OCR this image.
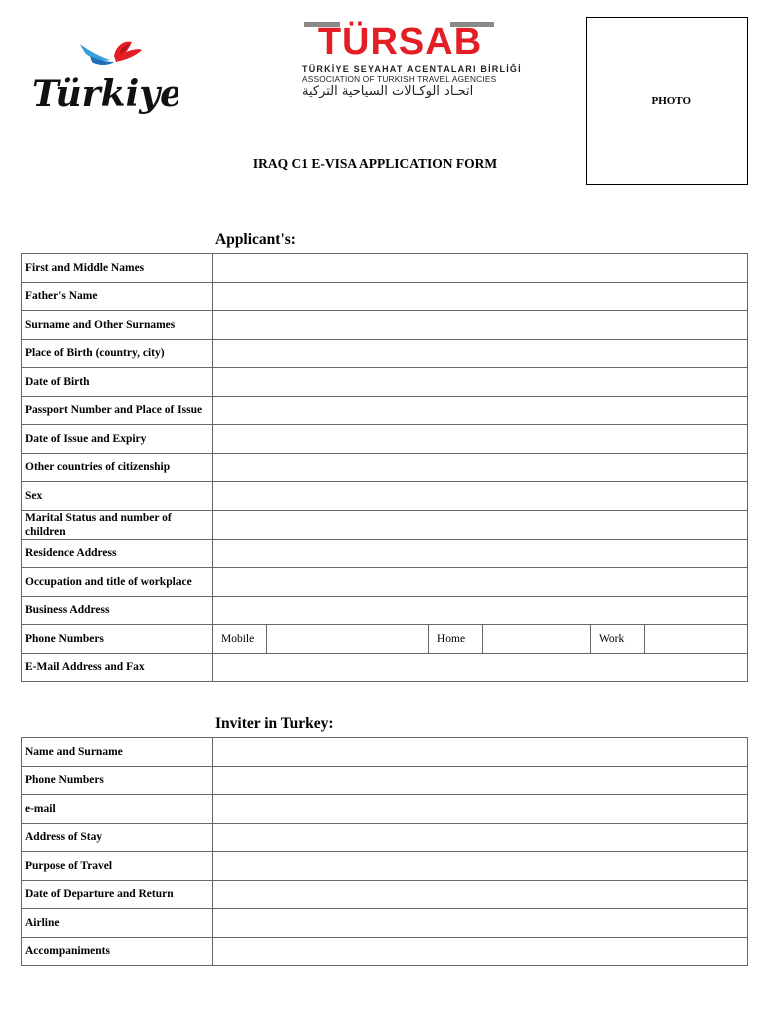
Türkiye
TÜRSAB
TÜRKİYE SEYAHAT ACENTALARI BİRLİĞİ
ASSOCIATION OF TURKISH TRAVEL AGENCIES
اتحـاد الوكـالات السياحية التركية
PHOTO
IRAQ C1 E-VISA APPLICATION FORM
Applicant's:
First and Middle Names						
Father's Name						
Surname and Other Surnames						
Place of Birth (country, city)						
Date of Birth						
Passport Number and Place of Issue						
Date of Issue and Expiry						
Other countries of citizenship						
Sex						
Marital Status and number of children						
Residence Address						
Occupation and title of workplace						
Business Address						
Phone Numbers	Mobile		Home		Work	
E-Mail Address and Fax						
Inviter in Turkey:
Name and Surname	
Phone Numbers	
e-mail	
Address of Stay	
Purpose of Travel	
Date of Departure and Return	
Airline	
Accompaniments	
